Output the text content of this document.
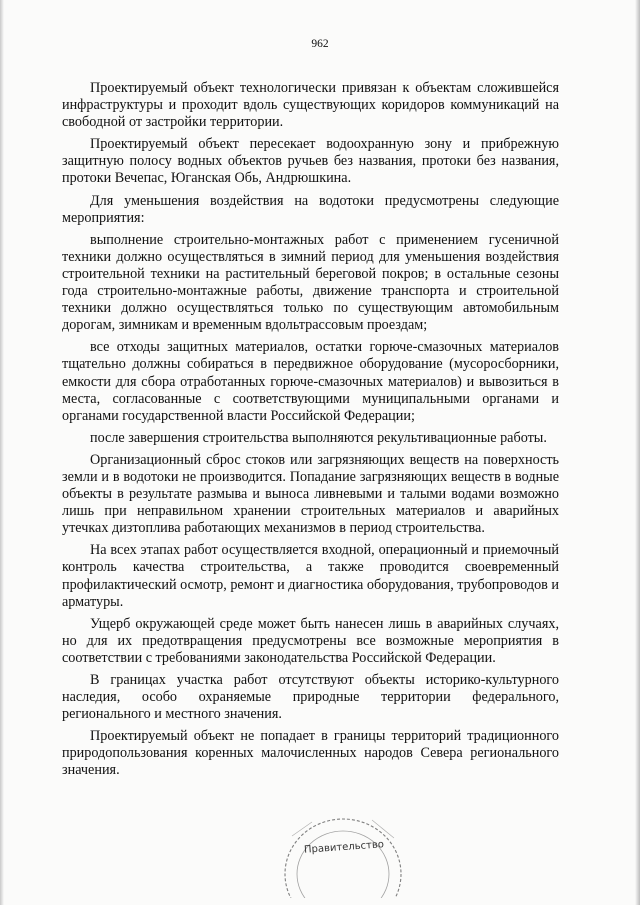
962

Проектируемый объект технологически привязан к объектам сложившейся инфраструктуры и проходит вдоль существующих коридоров коммуникаций на свободной от застройки территории.

Проектируемый объект пересекает водоохранную зону и прибрежную защитную полосу водных объектов ручьев без названия, протоки без названия, протоки Вечепас, Юганская Обь, Андрюшкина.

Для уменьшения воздействия на водотоки предусмотрены следующие мероприятия:

выполнение строительно-монтажных работ с применением гусеничной техники должно осуществляться в зимний период для уменьшения воздействия строительной техники на растительный береговой покров; в остальные сезоны года строительно-монтажные работы, движение транспорта и строительной техники должно осуществляться только по существующим автомобильным дорогам, зимникам и временным вдольтрассовым проездам;

все отходы защитных материалов, остатки горюче-смазочных материалов тщательно должны собираться в передвижное оборудование (мусоросборники, емкости для сбора отработанных горюче-смазочных материалов) и вывозиться в места, согласованные с соответствующими муниципальными органами и органами государственной власти Российской Федерации;

после завершения строительства выполняются рекультивационные работы.

Организационный сброс стоков или загрязняющих веществ на поверхность земли и в водотоки не производится. Попадание загрязняющих веществ в водные объекты в результате размыва и выноса ливневыми и талыми водами возможно лишь при неправильном хранении строительных материалов и аварийных утечках дизтоплива работающих механизмов в период строительства.

На всех этапах работ осуществляется входной, операционный и приемочный контроль качества строительства, а также проводится своевременный профилактический осмотр, ремонт и диагностика оборудования, трубопроводов и арматуры.

Ущерб окружающей среде может быть нанесен лишь в аварийных случаях, но для их предотвращения предусмотрены все возможные мероприятия в соответствии с требованиями законодательства Российской Федерации.

В границах участка работ отсутствуют объекты историко-культурного наследия, особо охраняемые природные территории федерального, регионального и местного значения.

Проектируемый объект не попадает в границы территорий традиционного природопользования коренных малочисленных народов Севера регионального значения.

Правительство
